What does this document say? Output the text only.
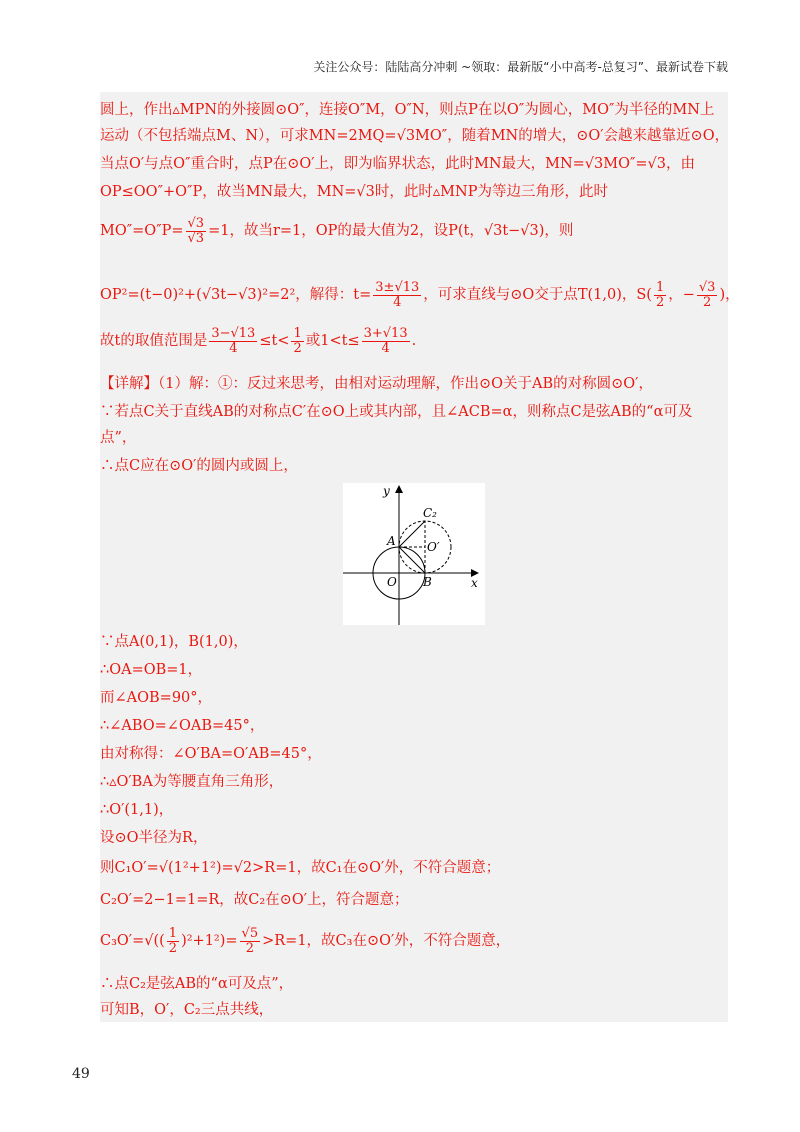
关注公众号：陆陆高分冲刺 ~领取：最新版“小中高考-总复习”、最新试卷下载
圆上，作出▵MPN的外接圆⊙O″，连接O″M，O″N，则点P在以O″为圆心，MO″为半径的MN上
运动（不包括端点M、N），可求MN=2MQ=√3MO″，随着MN的增大，⊙O′会越来越靠近⊙O，
当点O′与点O″重合时，点P在⊙O′上，即为临界状态，此时MN最大，MN=√3MO″=√3，由
OP≤OO″+O″P，故当MN最大，MN=√3时，此时▵MNP为等边三角形，此时
$MO''=O''P= \frac{√3}{√3} =1$，故当r=1，OP的最大值为2，设P(t，√3t−√3)，则
OP²=(t−0)²+(√3t−√3)²=2²，解得：$t= \frac{3\pm√13}{4}$ ，可求直线与⊙O交于点T(1,0)，$S( \frac{1}{2}$ ，− $\frac{√3}{2}$ )，
故t的取值范围是 $\frac{3-√13}{4} \le t< \frac{1}{2}$ 或$1<t\le \frac{3+√13}{4}$ .
【详解】（1）解：①：反过来思考，由相对运动理解，作出⊙O关于AB的对称圆⊙O′，
∵若点C关于直线AB的对称点C′在⊙O上或其内部，且∠ACB=α，则称点C是弦AB的“α可及
点”，
∴点C应在⊙O′的圆内或圆上，
∵点A(0,1)，B(1,0)，
∴OA=OB=1，
而∠AOB=90°，
∴∠ABO=∠OAB=45°，
由对称得：∠O′BA=O′AB=45°，
∴▵O′BA为等腰直角三角形，
∴O′(1,1)，
设⊙O半径为R，
则C₁O′=√(1²+1²)=√2>R=1，故C₁在⊙O′外，不符合题意；
C₂O′=2−1=1=R，故C₂在⊙O′上，符合题意；
$C_3O'=√(( \frac{1}{2} )^2+1^2)= \frac{√5}{2} >R=1$，故C₃在⊙O′外，不符合题意，
∴点C₂是弦AB的“α可及点”，
可知B，O′，C₂三点共线，
y
x
A
B
O
O′
C₂
49
